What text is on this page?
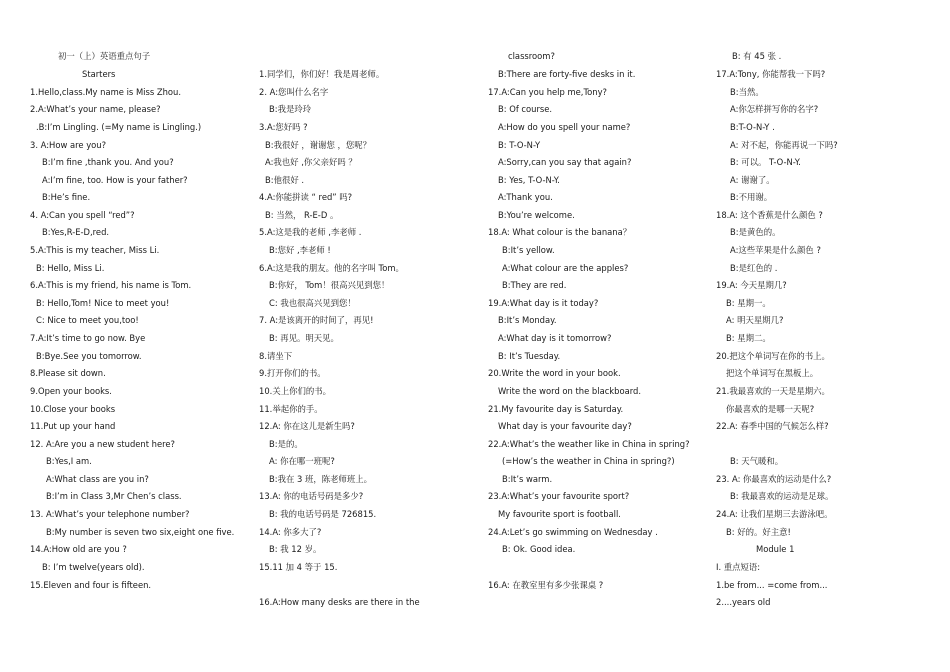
初一（上）英语重点句子
Starters
1.Hello,class.My name is Miss Zhou.
2.A:What’s your name, please?
.B:I’m Lingling. (=My name is Lingling.)
3. A:How are you?
B:I’m fine ,thank you. And you?
A:I’m fine, too. How is your father?
B:He’s fine.
4. A:Can you spell “red”?
B:Yes,R-E-D,red.
5.A:This is my teacher, Miss Li.
B: Hello, Miss Li.
6.A:This is my friend, his name is Tom.
B: Hello,Tom! Nice to meet you!
C: Nice to meet you,too!
7.A:It’s time to go now. Bye
B:Bye.See you tomorrow.
8.Please sit down.
9.Open your books.
10.Close your books
11.Put up your hand
12. A:Are you a new student here?
B:Yes,I am.
A:What class are you in?
B:I’m in Class 3,Mr Chen’s class.
13. A:What’s your telephone number?
B:My number is seven two six,eight one five.
14.A:How old are you ?
B: I’m twelve(years old).
15.Eleven and four is fifteen.
1.同学们，你们好！我是周老师。
2. A:您叫什么名字
B:我是玲玲
3.A:您好吗 ?
B:我很好 ，谢谢您 ，您呢？
A:我也好 ,你父亲好吗 ？
B:他很好 .
4.A:你能拼读 “ red” 吗?
B: 当然， R-E-D 。
5.A:这是我的老师 ,李老师 .
B:您好 ,李老师 !
6.A:这是我的朋友。他的名字叫 Tom。
B:你好， Tom！很高兴见到您！
C: 我也很高兴见到您！
7. A:是该离开的时间了，再见!
B: 再见。明天见。
8.请坐下
9.打开你们的书。
10.关上你们的书。
11.举起你的手。
12.A: 你在这儿是新生吗?
B:是的。
A: 你在哪一班呢?
B:我在 3 班，陈老师班上。
13.A: 你的电话号码是多少?
B: 我的电话号码是 726815.
14.A: 你多大了?
B: 我 12 岁。
15.11 加 4 等于 15.
16.A:How many desks are there in the
classroom?
B:There are forty-five desks in it.
17.A:Can you help me,Tony?
B: Of course.
A:How do you spell your name?
B: T-O-N-Y
A:Sorry,can you say that again?
B: Yes, T-O-N-Y.
A:Thank you.
B:You’re welcome.
18.A: What colour is the banana？
B:It’s yellow.
A:What colour are the apples?
B:They are red.
19.A:What day is it today?
B:It’s Monday.
A:What day is it tomorrow?
B: It’s Tuesday.
20.Write the word in your book.
Write the word on the blackboard.
21.My favourite day is Saturday.
What day is your favourite day?
22.A:What’s the weather like in China in spring?
(=How’s the weather in China in spring?)
B:It’s warm.
23.A:What’s your favourite sport?
My favourite sport is football.
24.A:Let’s go swimming on Wednesday .
B: Ok. Good idea.
16.A: 在教室里有多少张课桌 ?
B: 有 45 张 .
17.A:Tony, 你能帮我一下吗?
B:当然。
A:你怎样拼写你的名字?
B:T-O-N-Y .
A: 对不起，你能再说一下吗?
B: 可以。 T-O-N-Y.
A: 谢谢了。
B:不用谢。
18.A: 这个香蕉是什么颜色 ?
B:是黄色的。
A:这些苹果是什么颜色 ?
B:是红色的 .
19.A: 今天星期几?
B: 星期一。
A: 明天星期几?
B: 星期二。
20.把这个单词写在你的书上。
把这个单词写在黑板上。
21.我最喜欢的一天是星期六。
你最喜欢的是哪一天呢?
22.A: 春季中国的气候怎么样?
B: 天气暖和。
23. A: 你最喜欢的运动是什么?
B: 我最喜欢的运动是足球。
24.A: 让我们星期三去游泳吧。
B: 好的。好主意!
Module 1
I. 重点短语:
1.be from... =come from...
2....years old
